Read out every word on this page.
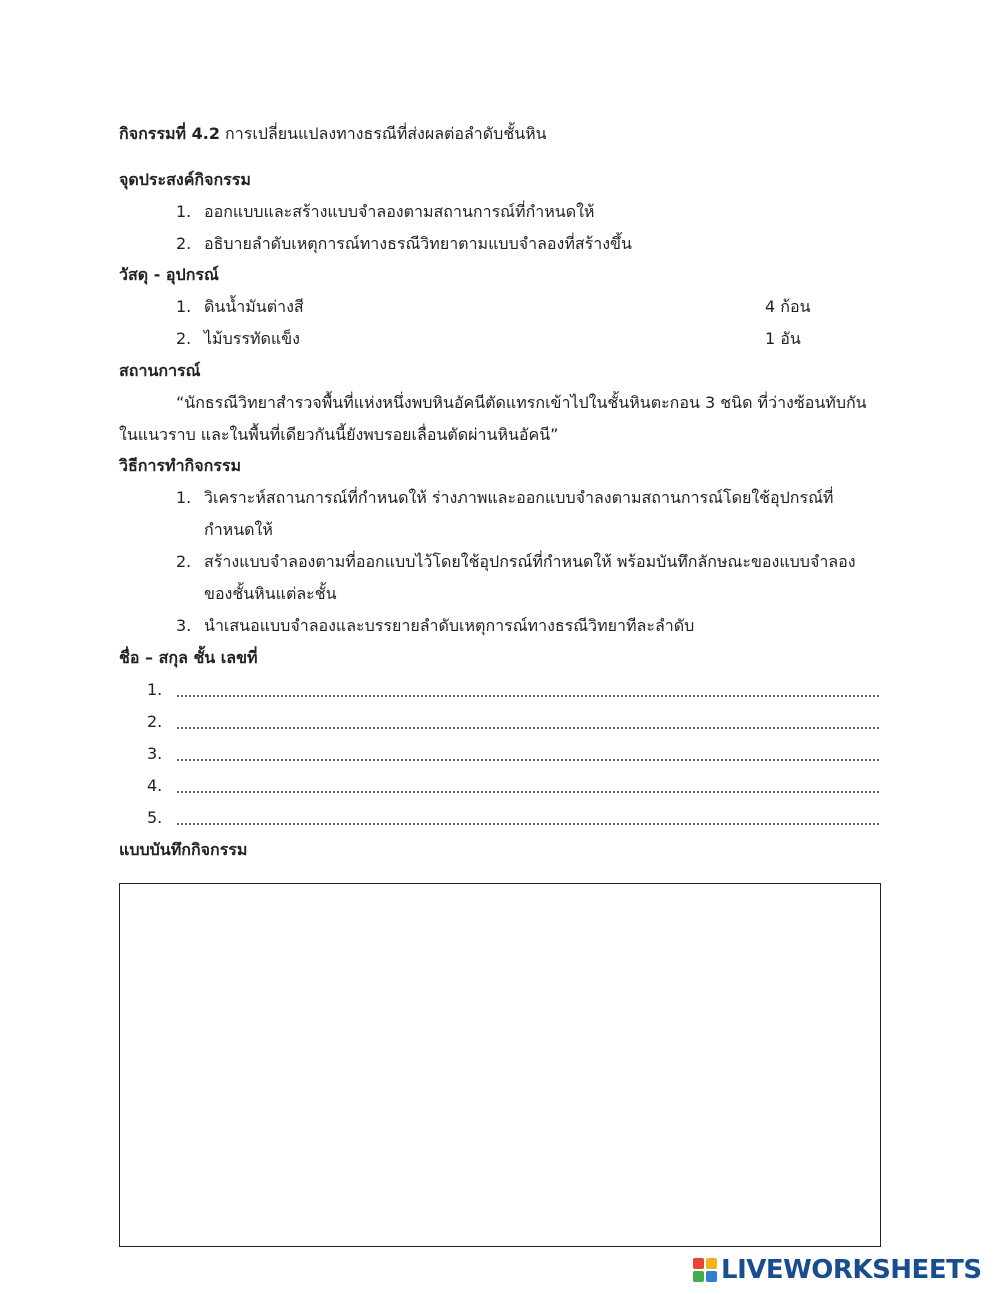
กิจกรรมที่ 4.2 การเปลี่ยนแปลงทางธรณีที่ส่งผลต่อลำดับชั้นหิน
จุดประสงค์กิจกรรม
1. ออกแบบและสร้างแบบจำลองตามสถานการณ์ที่กำหนดให้
2. อธิบายลำดับเหตุการณ์ทางธรณีวิทยาตามแบบจำลองที่สร้างขึ้น
วัสดุ - อุปกรณ์
1. ดินน้ำมันต่างสี	4 ก้อน
2. ไม้บรรทัดแข็ง	1 อัน
สถานการณ์
“นักธรณีวิทยาสำรวจพื้นที่แห่งหนึ่งพบหินอัคนีตัดแทรกเข้าไปในชั้นหินตะกอน 3 ชนิด ที่ว่างซ้อนทับกัน
ในแนวราบ และในพื้นที่เดียวกันนี้ยังพบรอยเลื่อนตัดผ่านหินอัคนี”
วิธีการทำกิจกรรม
1. วิเคราะห์สถานการณ์ที่กำหนดให้ ร่างภาพและออกแบบจำลงตามสถานการณ์โดยใช้อุปกรณ์ที่
กำหนดให้
2. สร้างแบบจำลองตามที่ออกแบบไว้โดยใช้อุปกรณ์ที่กำหนดให้ พร้อมบันทึกลักษณะของแบบจำลอง
ของชั้นหินแต่ละชั้น
3. นำเสนอแบบจำลองและบรรยายลำดับเหตุการณ์ทางธรณีวิทยาทีละลำดับ
ชื่อ – สกุล ชั้น เลขที่
1.
2.
3.
4.
5.
แบบบันทึกกิจกรรม
LIVEWORKSHEETS
